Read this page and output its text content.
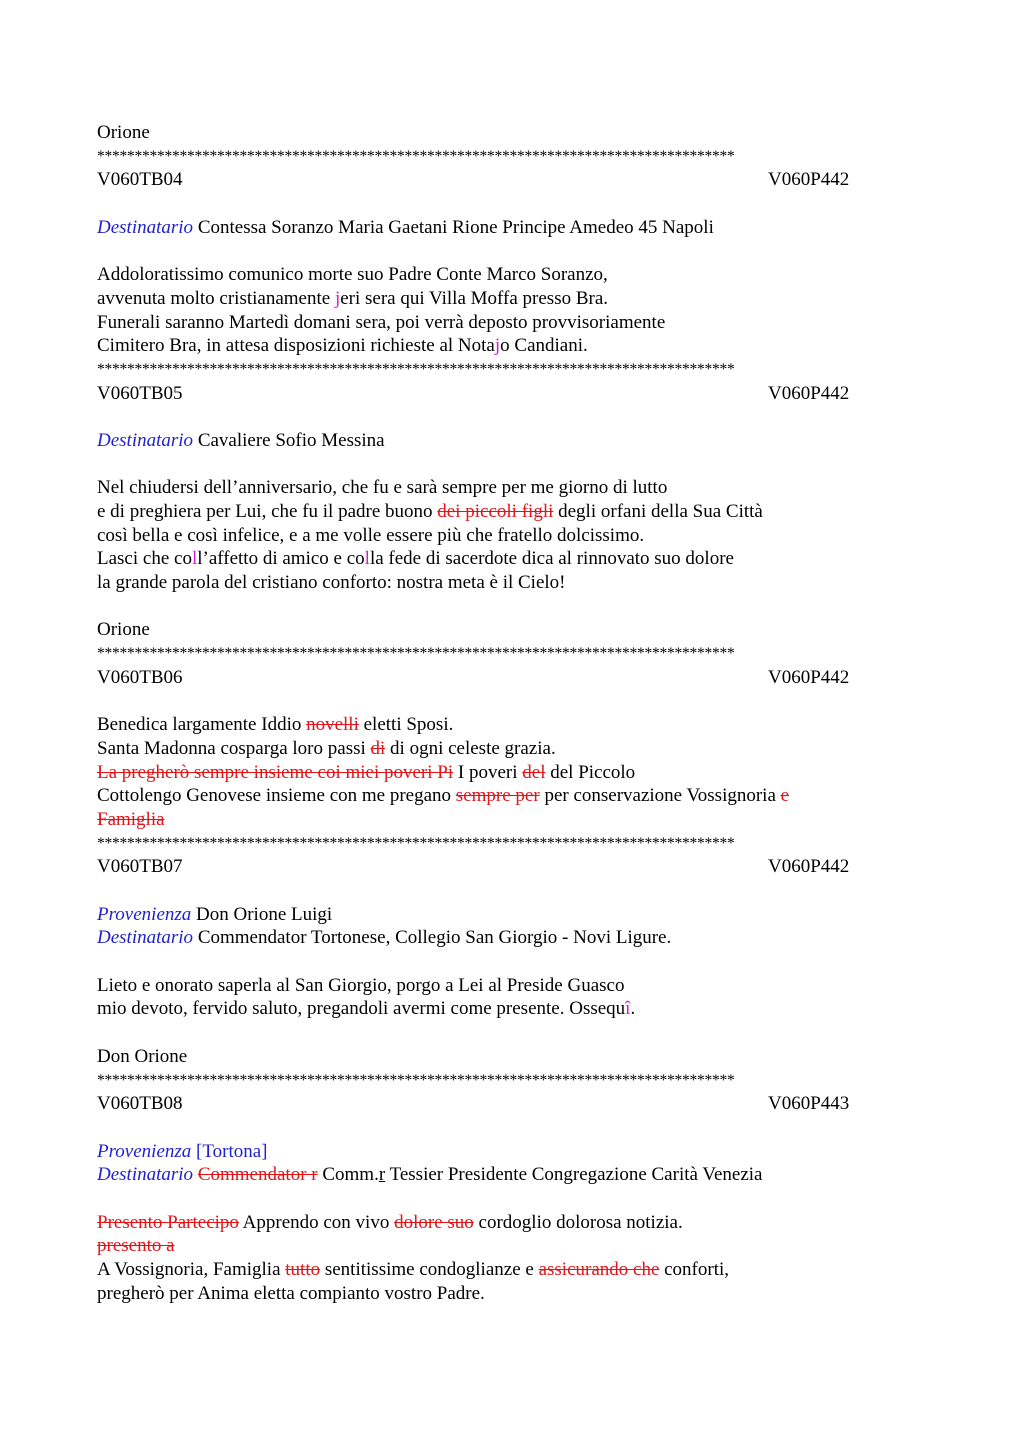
Orione
*************************************************************************************
V060TB04	V060P442
Destinatario Contessa Soranzo Maria Gaetani Rione Principe Amedeo 45 Napoli
Addoloratissimo comunico morte suo Padre Conte Marco Soranzo,
avvenuta molto cristianamente jeri sera qui Villa Moffa presso Bra.
Funerali saranno Martedì domani sera, poi verrà deposto provvisoriamente
Cimitero Bra, in attesa disposizioni richieste al Notajo Candiani.
*************************************************************************************
V060TB05	V060P442
Destinatario Cavaliere Sofio Messina
Nel chiudersi dell’anniversario, che fu e sarà sempre per me giorno di lutto
e di preghiera per Lui, che fu il padre buono dei piccoli figli degli orfani della Sua Città
così bella e così infelice, e a me volle essere più che fratello dolcissimo.
Lasci che coll’affetto di amico e colla fede di sacerdote dica al rinnovato suo dolore
la grande parola del cristiano conforto: nostra meta è il Cielo!
Orione
*************************************************************************************
V060TB06	V060P442
Benedica largamente Iddio novelli eletti Sposi.
Santa Madonna cosparga loro passi di di ogni celeste grazia.
La pregherò sempre insieme coi miei poveri Pi I poveri del del Piccolo
Cottolengo Genovese insieme con me pregano sempre per per conservazione Vossignoria e
Famiglia
*************************************************************************************
V060TB07	V060P442
Provenienza Don Orione Luigi
Destinatario Commendator Tortonese, Collegio San Giorgio - Novi Ligure.
Lieto e onorato saperla al San Giorgio, porgo a Lei al Preside Guasco
mio devoto, fervido saluto, pregandoli avermi come presente. Ossequî.
Don Orione
*************************************************************************************
V060TB08	V060P443
Provenienza [Tortona]
Destinatario Commendator r Comm.r Tessier Presidente Congregazione Carità Venezia
Presento Partecipo Apprendo con vivo dolore suo cordoglio dolorosa notizia.
presento a
A Vossignoria, Famiglia tutto sentitissime condoglianze e assicurando che conforti,
pregherò per Anima eletta compianto vostro Padre.
